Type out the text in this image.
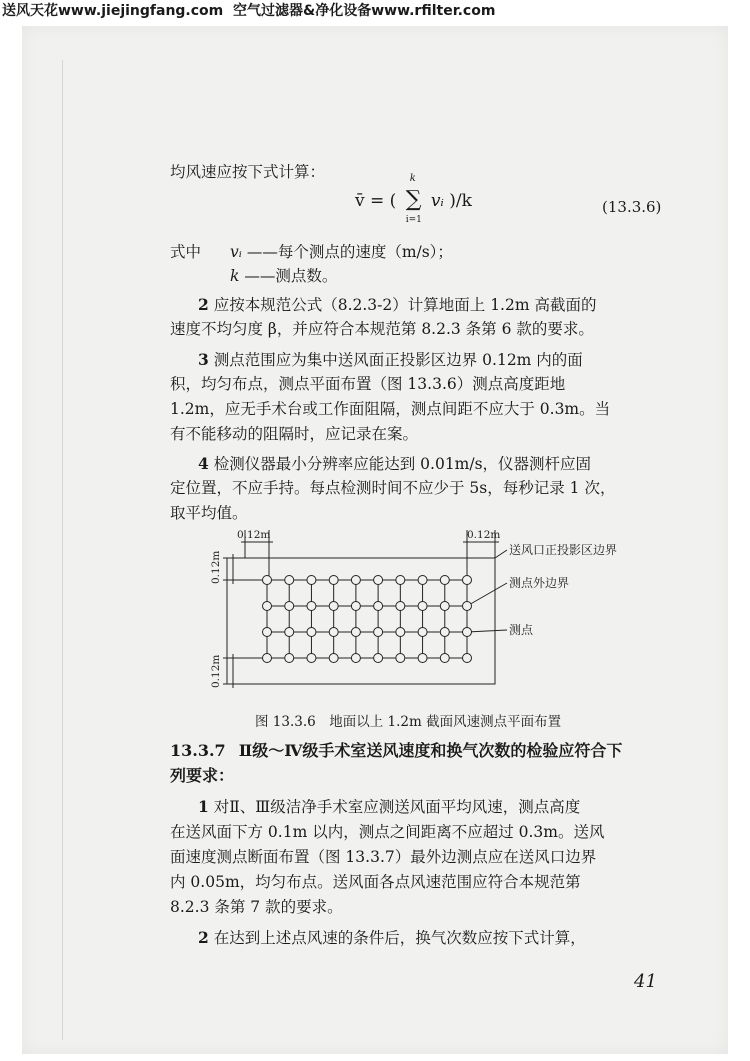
送风天花www.jiejingfang.com 空气过滤器&净化设备www.rfilter.com
均风速应按下式计算：
v̄ = (
k
∑
i=1
vᵢ )/k	(13.3.6)
式中 vᵢ ——每个测点的速度（m/s）；
k ——测点数。
2 应按本规范公式（8.2.3-2）计算地面上 1.2m 高截面的
速度不均匀度 β，并应符合本规范第 8.2.3 条第 6 款的要求。
3 测点范围应为集中送风面正投影区边界 0.12m 内的面
积，均匀布点，测点平面布置（图 13.3.6）测点高度距地
1.2m，应无手术台或工作面阻隔，测点间距不应大于 0.3m。当
有不能移动的阻隔时，应记录在案。
4 检测仪器最小分辨率应能达到 0.01m/s，仪器测杆应固
定位置，不应手持。每点检测时间不应少于 5s，每秒记录 1 次，
取平均值。
0.12m	0.12m
0.12m
0.12m
送风口正投影区边界
测点外边界
测点
图 13.3.6　地面以上 1.2m 截面风速测点平面布置
13.3.7 Ⅱ级～Ⅳ级手术室送风速度和换气次数的检验应符合下
列要求：
1 对Ⅱ、Ⅲ级洁净手术室应测送风面平均风速，测点高度
在送风面下方 0.1m 以内，测点之间距离不应超过 0.3m。送风
面速度测点断面布置（图 13.3.7）最外边测点应在送风口边界
内 0.05m，均匀布点。送风面各点风速范围应符合本规范第
8.2.3 条第 7 款的要求。
2 在达到上述点风速的条件后，换气次数应按下式计算，
41
